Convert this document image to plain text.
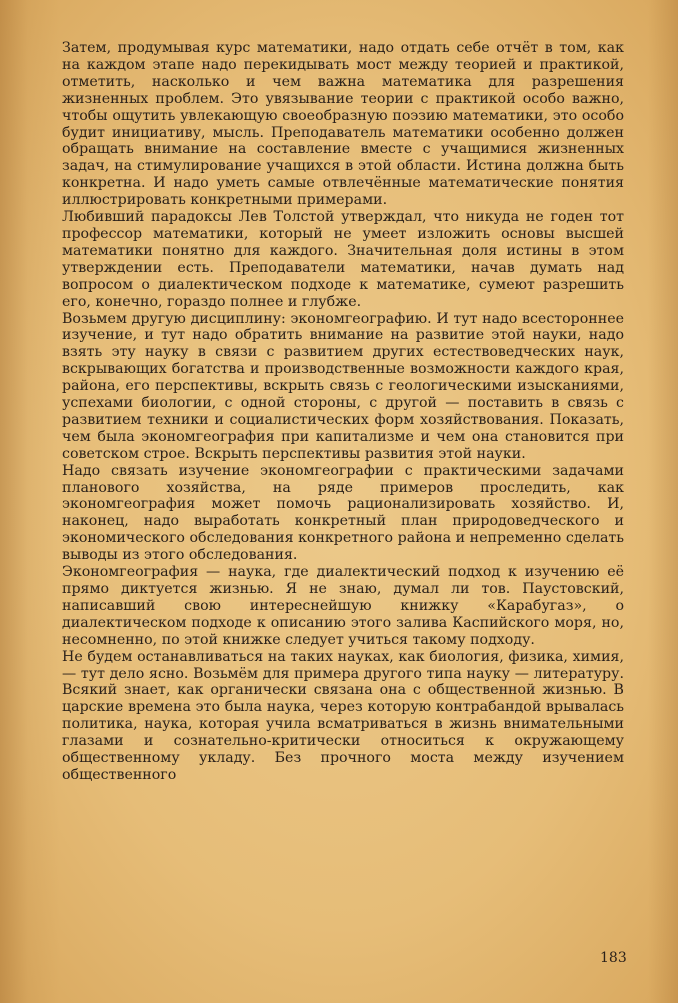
Затем, продумывая курс математики, надо отдать себе отчёт в том, как на каждом этапе надо перекидывать мост между теорией и практикой, отметить, насколько и чем важна математика для разрешения жизненных проблем. Это увязывание теории с практикой особо важно, чтобы ощутить увлекающую своеобразную поэзию математики, это особо будит инициативу, мысль. Преподаватель математики особенно должен обращать внимание на составление вместе с учащимися жизненных задач, на стимулирование учащихся в этой области. Истина должна быть конкретна. И надо уметь самые отвлечённые математические понятия иллюстрировать конкретными примерами.

Любивший парадоксы Лев Толстой утверждал, что никуда не годен тот профессор математики, который не умеет изложить основы высшей математики понятно для каждого. Значительная доля истины в этом утверждении есть. Преподаватели математики, начав думать над вопросом о диалектическом подходе к математике, сумеют разрешить его, конечно, гораздо полнее и глубже.

Возьмем другую дисциплину: экономгеографию. И тут надо всестороннее изучение, и тут надо обратить внимание на развитие этой науки, надо взять эту науку в связи с развитием других естествоведческих наук, вскрывающих богатства и производственные возможности каждого края, района, его перспективы, вскрыть связь с геологическими изысканиями, успехами биологии, с одной стороны, с другой — поставить в связь с развитием техники и социалистических форм хозяйствования. Показать, чем была экономгеография при капитализме и чем она становится при советском строе. Вскрыть перспективы развития этой науки.

Надо связать изучение экономгеографии с практическими задачами планового хозяйства, на ряде примеров проследить, как экономгеография может помочь рационализировать хозяйство. И, наконец, надо выработать конкретный план природоведческого и экономического обследования конкретного района и непременно сделать выводы из этого обследования.

Экономгеография — наука, где диалектический подход к изучению её прямо диктуется жизнью. Я не знаю, думал ли тов. Паустовский, написавший свою интереснейшую книжку «Карабугаз», о диалектическом подходе к описанию этого залива Каспийского моря, но, несомненно, по этой книжке следует учиться такому подходу.

Не будем останавливаться на таких науках, как биология, физика, химия, — тут дело ясно. Возьмём для примера другого типа науку — литературу. Всякий знает, как органически связана она с общественной жизнью. В царские времена это была наука, через которую контрабандой врывалась политика, наука, которая учила всматриваться в жизнь внимательными глазами и сознательно-критически относиться к окружающему общественному укладу. Без прочного моста между изучением общественного

183
